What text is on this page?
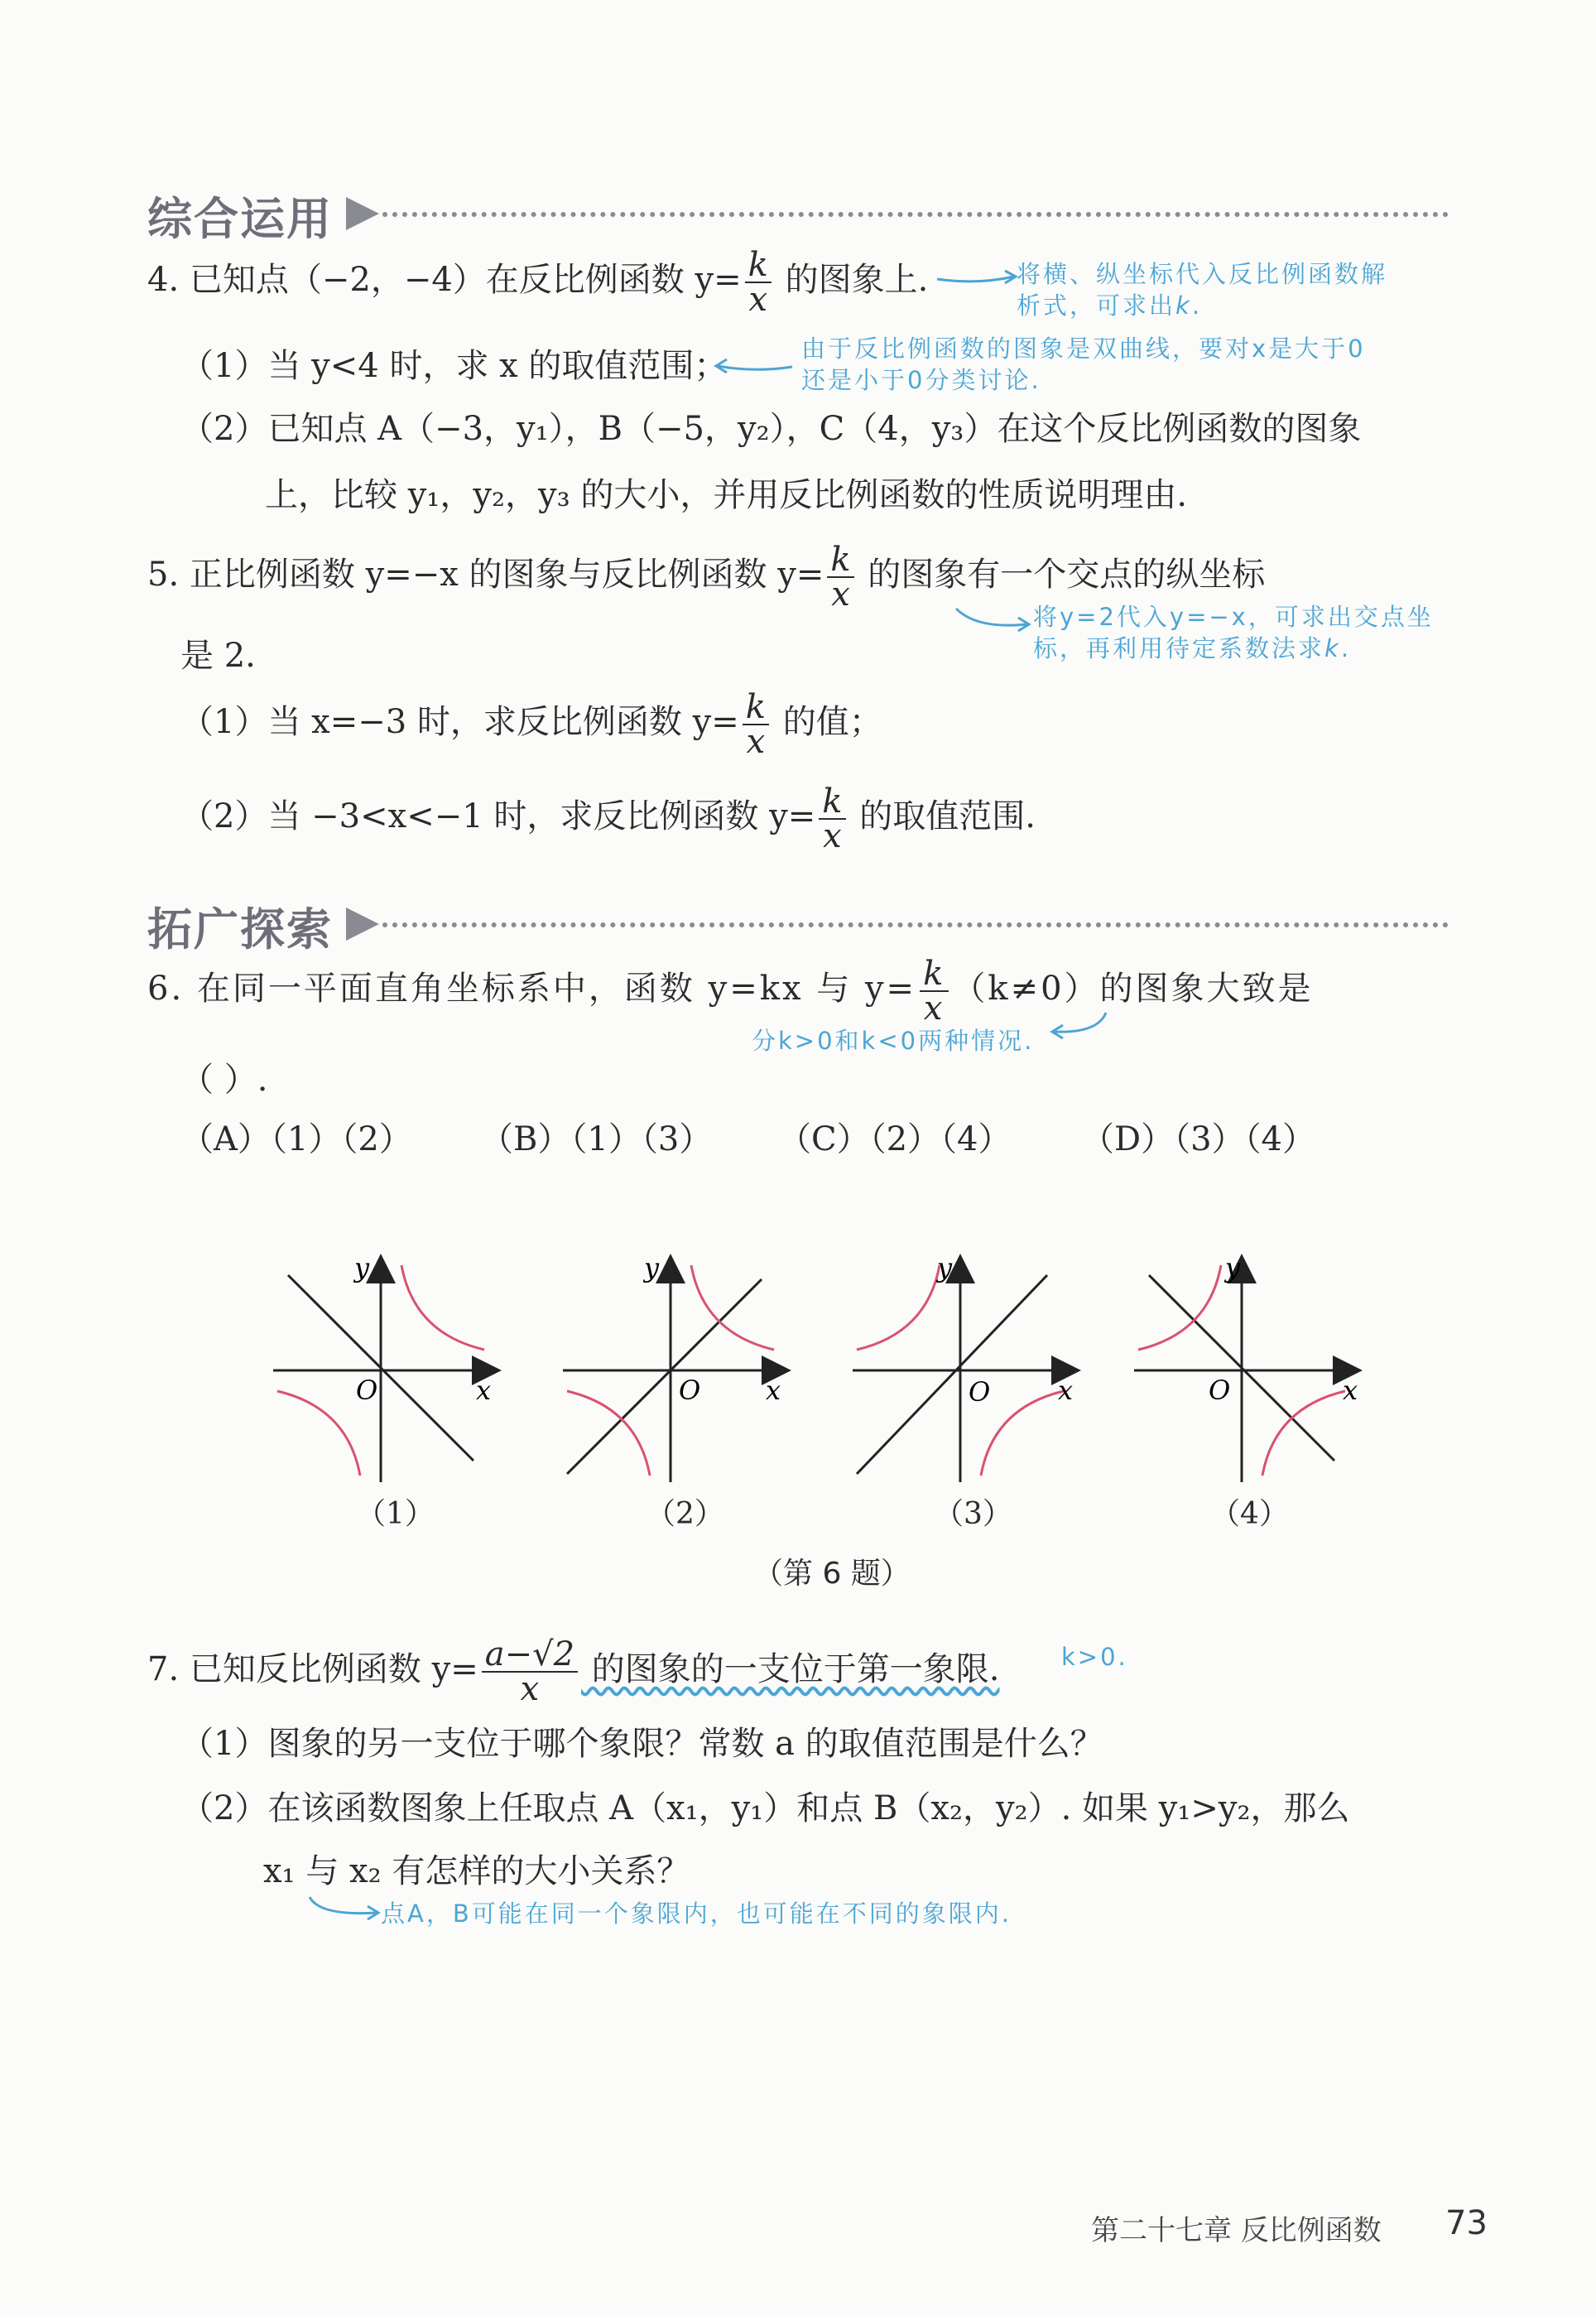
综合运用
4. 已知点（−2，−4）在反比例函数 $y= \frac{k}{x}$ 的图象上.	将横、纵坐标代入反比例函数解
析式，可求出k.
（1）当 y<4 时，求 x 的取值范围；	由于反比例函数的图象是双曲线，要对x是大于0
还是小于0分类讨论.
（2）已知点 A（−3，y₁），B（−5，y₂），C（4，y₃）在这个反比例函数的图象
上，比较 y₁，y₂，y₃ 的大小，并用反比例函数的性质说明理由.
5. 正比例函数 y=−x 的图象与反比例函数 $y= \frac{k}{x}$ 的图象有一个交点的纵坐标
将y=2代入y=−x，可求出交点坐
标，再利用待定系数法求k.
是 2.
（1）当 x=−3 时，求反比例函数 $y= \frac{k}{x}$ 的值；
（2）当 −3<x<−1 时，求反比例函数 $y= \frac{k}{x}$ 的取值范围.
拓广探索
6. 在同一平面直角坐标系中，函数 y=kx 与 $y= \frac{k}{x} (k\ne 0)$的图象大致是
分k>0和k<0两种情况.
（ ）.
（A）（1）（2） （B）（1）（3） （C）（2）（4） （D）（3）（4）
y
x
O
y
x
O
y
x
O
y
x
O
（1）	（2）	（3）	（4）
（第 6 题）
7. 已知反比例函数 $y= \frac{a-√2}{x}$ 的图象的一支位于第一象限.	k>0.
（1）图象的另一支位于哪个象限？常数 a 的取值范围是什么？
（2）在该函数图象上任取点 A（x₁，y₁）和点 B（x₂，y₂）. 如果 y₁>y₂，那么
x₁ 与 x₂ 有怎样的大小关系？
点A，B可能在同一个象限内，也可能在不同的象限内.
第二十七章 反比例函数 73
